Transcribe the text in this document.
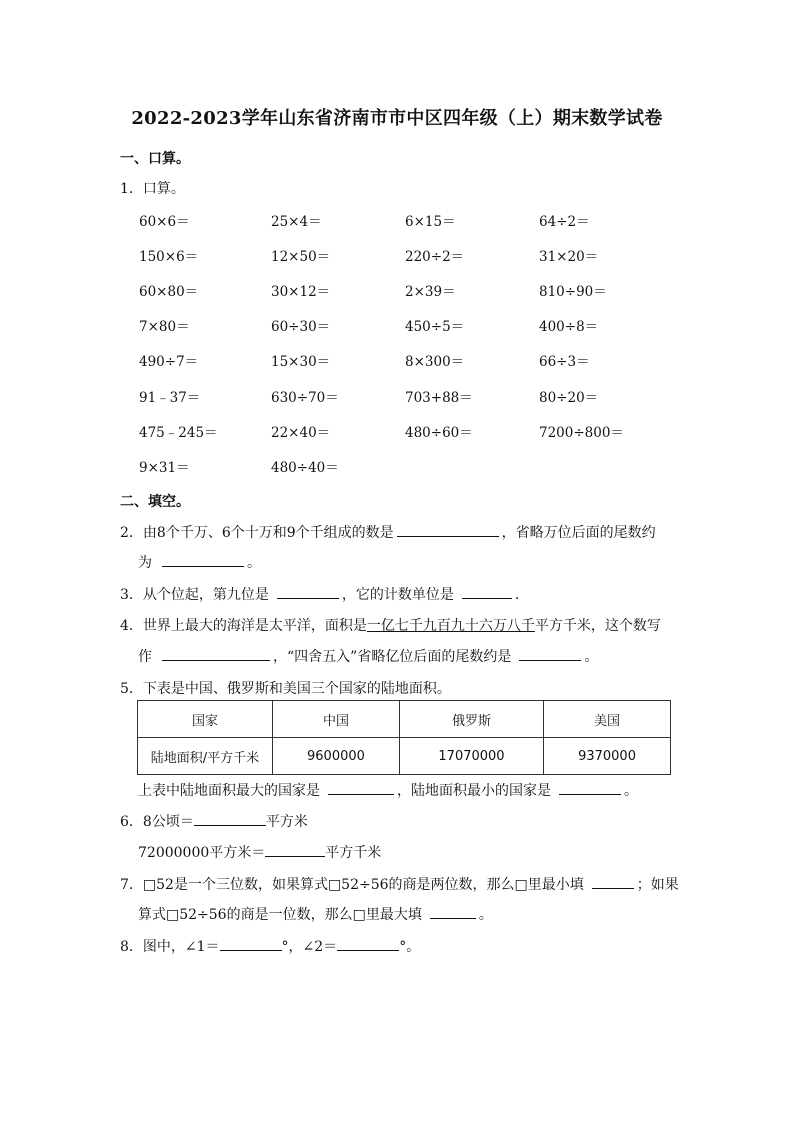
2022-2023学年山东省济南市市中区四年级（上）期末数学试卷
一、口算。
1．口算。
60×6＝	25×4＝	6×15＝	64÷2＝
150×6＝	12×50＝	220÷2＝	31×20＝
60×80＝	30×12＝	2×39＝	810÷90＝
7×80＝	60÷30＝	450÷5＝	400÷8＝
490÷7＝	15×30＝	8×300＝	66÷3＝
91﹣37＝	630÷70＝	703+88＝	80÷20＝
475﹣245＝	22×40＝	480÷60＝	7200÷800＝
9×31＝	480÷40＝
二、填空。
2．由8个千万、6个十万和9个千组成的数是	，省略万位后面的尾数约
为	。
3．从个位起，第九位是	，它的计数单位是	.
4．世界上最大的海洋是太平洋，面积是一亿七千九百九十六万八千平方千米，这个数写
作	，“四舍五入”省略亿位后面的尾数约是	。
5．下表是中国、俄罗斯和美国三个国家的陆地面积。
国家	中国	俄罗斯	美国
陆地面积/平方千米	9600000	17070000	9370000
上表中陆地面积最大的国家是	，陆地面积最小的国家是	。
6．8公顷＝	平方米
72000000平方米＝	平方千米
7．□52是一个三位数，如果算式□52÷56的商是两位数，那么□里最小填	；如果
算式□52÷56的商是一位数，那么□里最大填	。
8．图中，∠1＝	°，∠2＝	°。
